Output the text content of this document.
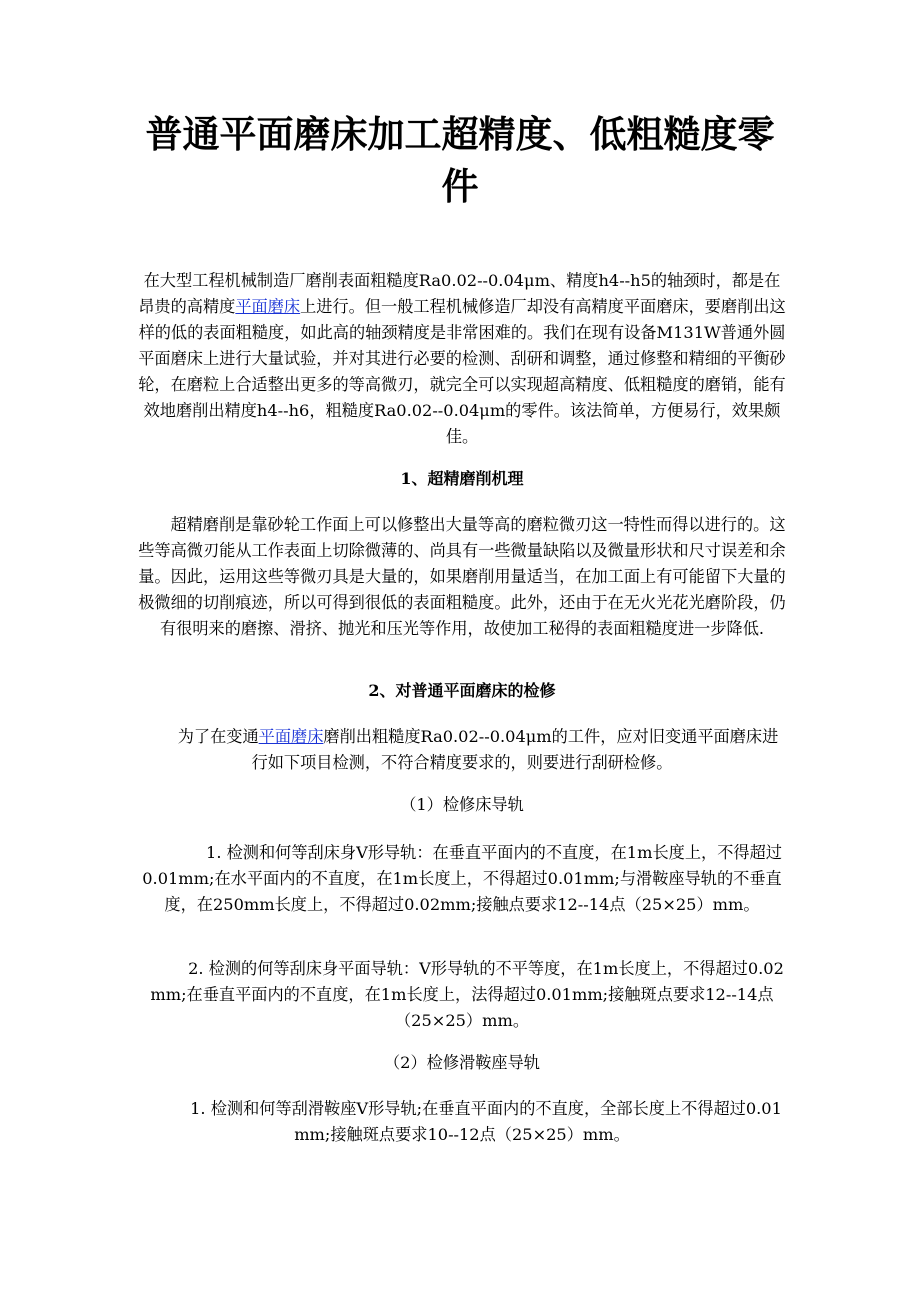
普通平面磨床加工超精度、低粗糙度零件

在大型工程机械制造厂磨削表面粗糙度Ra0.02--0.04μm、精度h4--h5的轴颈时，都是在昂贵的高精度平面磨床上进行。但一般工程机械修造厂却没有高精度平面磨床，要磨削出这样的低的表面粗糙度，如此高的轴颈精度是非常困难的。我们在现有设备M131W普通外圆平面磨床上进行大量试验，并对其进行必要的检测、刮研和调整，通过修整和精细的平衡砂轮，在磨粒上合适整出更多的等高微刃，就完全可以实现超高精度、低粗糙度的磨销，能有效地磨削出精度h4--h6，粗糙度Ra0.02--0.04μm的零件。该法简单，方便易行，效果颇佳。

1、超精磨削机理

超精磨削是靠砂轮工作面上可以修整出大量等高的磨粒微刃这一特性而得以进行的。这些等高微刃能从工作表面上切除微薄的、尚具有一些微量缺陷以及微量形状和尺寸误差和余量。因此，运用这些等微刃具是大量的，如果磨削用量适当，在加工面上有可能留下大量的极微细的切削痕迹，所以可得到很低的表面粗糙度。此外，还由于在无火光花光磨阶段，仍有很明来的磨擦、滑挤、抛光和压光等作用，故使加工秘得的表面粗糙度进一步降低.

2、对普通平面磨床的检修

为了在变通平面磨床磨削出粗糙度Ra0.02--0.04μm的工件，应对旧变通平面磨床进行如下项目检测，不符合精度要求的，则要进行刮研检修。

（1）检修床导轨

1. 检测和何等刮床身V形导轨：在垂直平面内的不直度，在1m长度上，不得超过0.01mm;在水平面内的不直度，在1m长度上，不得超过0.01mm;与滑鞍座导轨的不垂直度，在250mm长度上，不得超过0.02mm;接触点要求12--14点（25×25）mm。

2. 检测的何等刮床身平面导轨：V形导轨的不平等度，在1m长度上，不得超过0.02mm;在垂直平面内的不直度，在1m长度上，法得超过0.01mm;接触斑点要求12--14点（25×25）mm。

（2）检修滑鞍座导轨

1. 检测和何等刮滑鞍座V形导轨;在垂直平面内的不直度，全部长度上不得超过0.01mm;接触斑点要求10--12点（25×25）mm。
